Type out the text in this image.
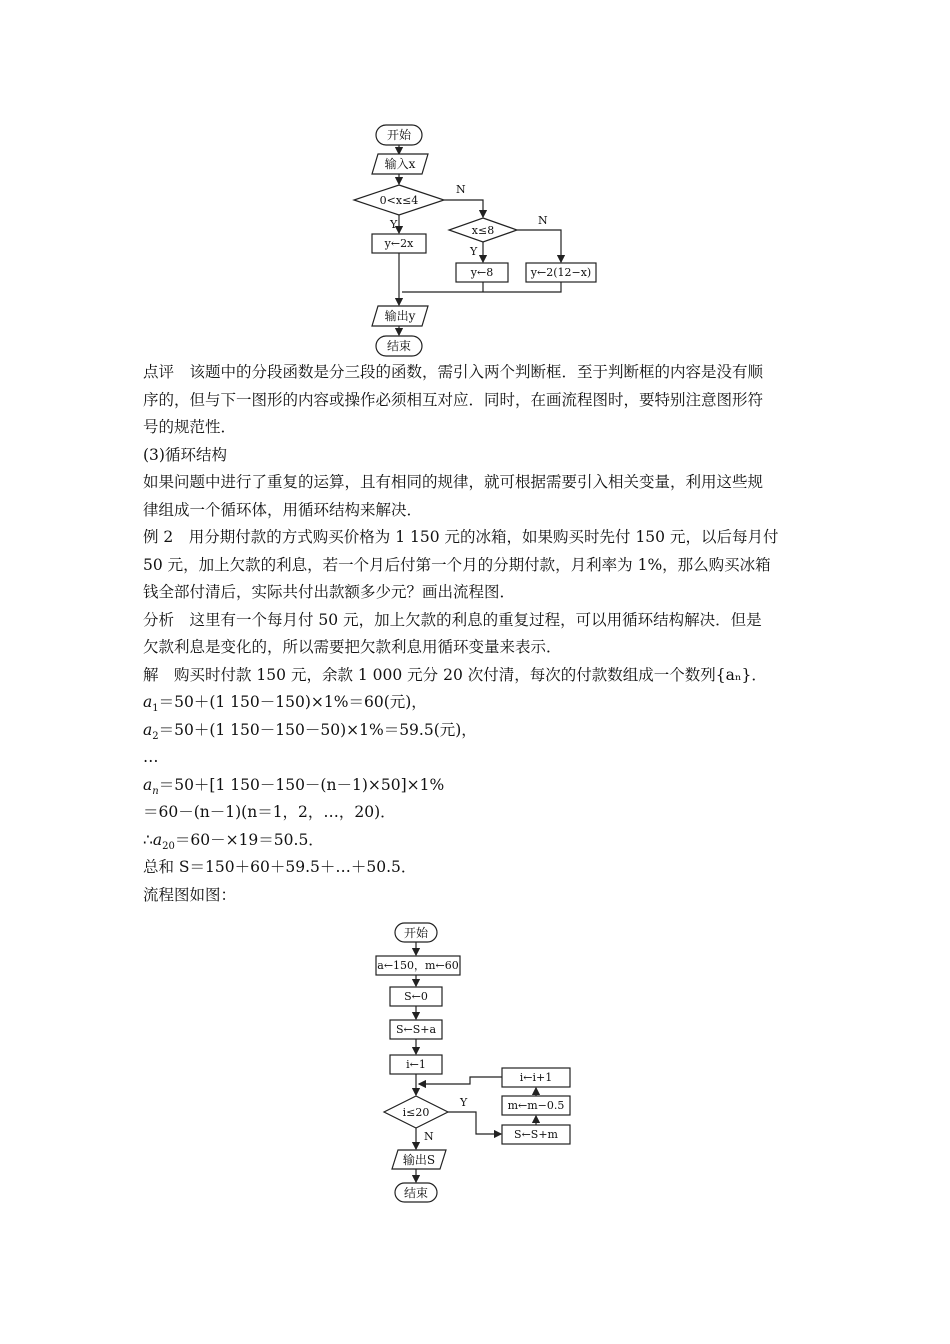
开始
输入x
0<x≤4
Y
N
y←2x
x≤8
Y
N
y←8	y←2(12−x)
输出y
结束
点评　该题中的分段函数是分三段的函数，需引入两个判断框．至于判断框的内容是没有顺
序的，但与下一图形的内容或操作必须相互对应．同时，在画流程图时，要特别注意图形符
号的规范性．
(3)循环结构
如果问题中进行了重复的运算，且有相同的规律，就可根据需要引入相关变量，利用这些规
律组成一个循环体，用循环结构来解决．
例 2　用分期付款的方式购买价格为 1 150 元的冰箱，如果购买时先付 150 元，以后每月付
50 元，加上欠款的利息，若一个月后付第一个月的分期付款，月利率为 1%，那么购买冰箱
钱全部付清后，实际共付出款额多少元？画出流程图．
分析　这里有一个每月付 50 元，加上欠款的利息的重复过程，可以用循环结构解决．但是
欠款利息是变化的，所以需要把欠款利息用循环变量来表示．
解　购买时付款 150 元，余款 1 000 元分 20 次付清，每次的付款数组成一个数列{aₙ}．
$a_1=50+(1$ 150－150)×1%＝60(元)，
$a_2=50+(1$ 150－150－50)×1%＝59.5(元)，
…
$a_n=50+[1$ 150－150－(n－1)×50]×1%
＝60－(n－1)(n＝1，2，…，20)．
$\therefore a_{20}=60-\times 19=50.5$．
总和 S＝150＋60＋59.5＋…＋50.5．
流程图如图：
开始
a←150，m←60
S←0
S←S+a
i←1
i≤20
Y
N	S←S+m
m←m−0.5
i←i+1
输出S
结束
